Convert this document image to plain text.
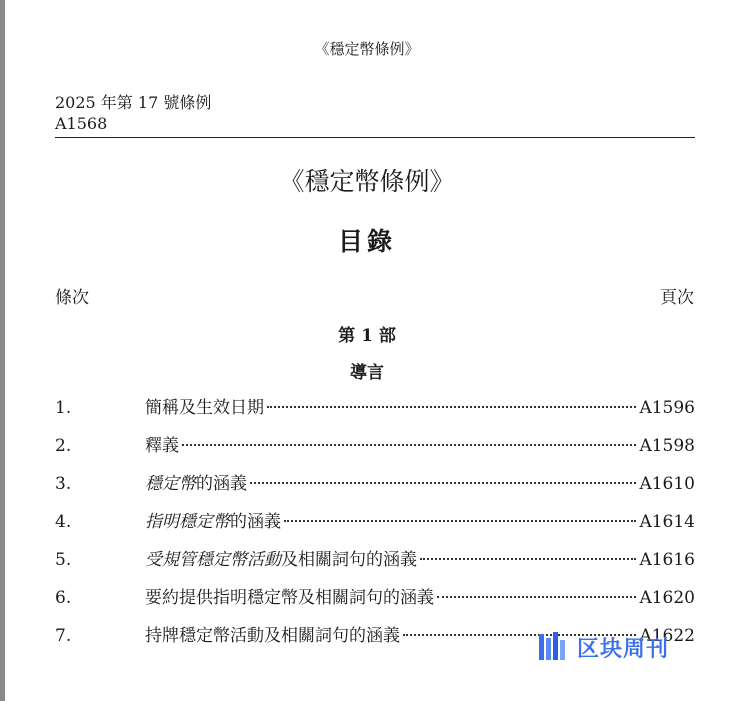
《穩定幣條例》
2025 年第 17 號條例
A1568
《穩定幣條例》
目錄
條次	頁次
第 1 部
導言
1.	簡稱及生效日期	A1596
2.	釋義	A1598
3.	穩定幣的涵義	A1610
4.	指明穩定幣的涵義	A1614
5.	受規管穩定幣活動及相關詞句的涵義	A1616
6.	要約提供指明穩定幣及相關詞句的涵義	A1620
7.	持牌穩定幣活動及相關詞句的涵義	A1622
区块周刊
